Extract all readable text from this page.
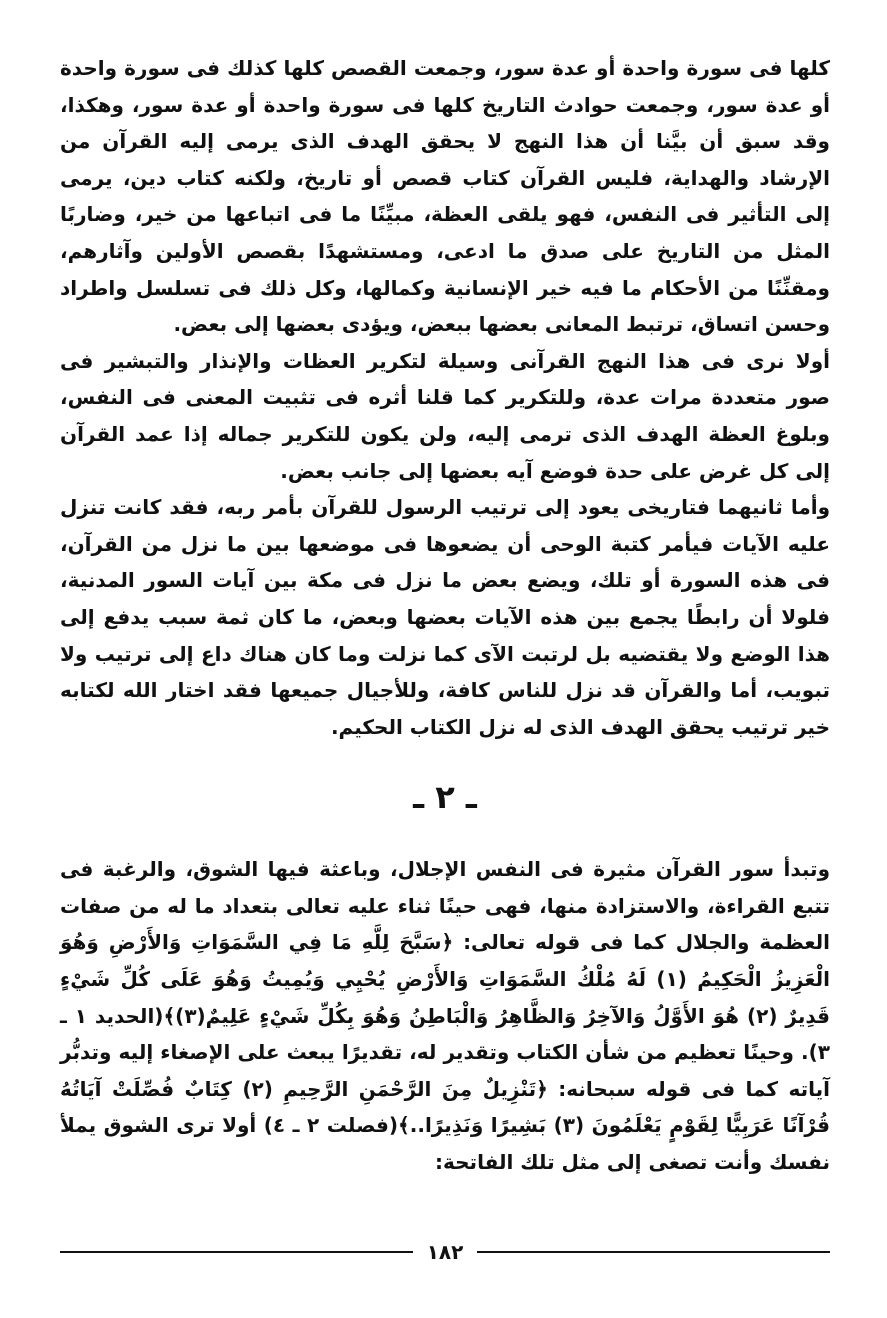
كلها فى سورة واحدة أو عدة سور، وجمعت القصص كلها كذلك فى سورة واحدة أو عدة سور، وجمعت حوادث التاريخ كلها فى سورة واحدة أو عدة سور، وهكذا، وقد سبق أن بيَّنا أن هذا النهج لا يحقق الهدف الذى يرمى إليه القرآن من الإرشاد والهداية، فليس القرآن كتاب قصص أو تاريخ، ولكنه كتاب دين، يرمى إلى التأثير فى النفس، فهو يلقى العظة، مبيِّنًا ما فى اتباعها من خير، وضاربًا المثل من التاريخ على صدق ما ادعى، ومستشهدًا بقصص الأولين وآثارهم، ومقنِّنًا من الأحكام ما فيه خير الإنسانية وكمالها، وكل ذلك فى تسلسل واطراد وحسن اتساق، ترتبط المعانى بعضها ببعض، ويؤدى بعضها إلى بعض.

أولا نرى فى هذا النهج القرآنى وسيلة لتكرير العظات والإنذار والتبشير فى صور متعددة مرات عدة، وللتكرير كما قلنا أثره فى تثبيت المعنى فى النفس، وبلوغ العظة الهدف الذى ترمى إليه، ولن يكون للتكرير جماله إذا عمد القرآن إلى كل غرض على حدة فوضع آيه بعضها إلى جانب بعض.

وأما ثانيهما فتاريخى يعود إلى ترتيب الرسول للقرآن بأمر ربه، فقد كانت تنزل عليه الآيات فيأمر كتبة الوحى أن يضعوها فى موضعها بين ما نزل من القرآن، فى هذه السورة أو تلك، ويضع بعض ما نزل فى مكة بين آيات السور المدنية، فلولا أن رابطًا يجمع بين هذه الآيات بعضها وبعض، ما كان ثمة سبب يدفع إلى هذا الوضع ولا يقتضيه بل لرتبت الآى كما نزلت وما كان هناك داع إلى ترتيب ولا تبويب، أما والقرآن قد نزل للناس كافة، وللأجيال جميعها فقد اختار الله لكتابه خير ترتيب يحقق الهدف الذى له نزل الكتاب الحكيم.

ـ ٢ ـ

وتبدأ سور القرآن مثيرة فى النفس الإجلال، وباعثة فيها الشوق، والرغبة فى تتبع القراءة، والاستزادة منها، فهى حينًا ثناء عليه تعالى بتعداد ما له من صفات العظمة والجلال كما فى قوله تعالى: ﴿سَبَّحَ لِلَّهِ مَا فِي السَّمَوَاتِ وَالأَرْضِ وَهُوَ الْعَزِيزُ الْحَكِيمُ (١) لَهُ مُلْكُ السَّمَوَاتِ وَالأَرْضِ يُحْيِي وَيُمِيتُ وَهُوَ عَلَى كُلِّ شَيْءٍ قَدِيرٌ (٢) هُوَ الأَوَّلُ وَالآخِرُ وَالظَّاهِرُ وَالْبَاطِنُ وَهُوَ بِكُلِّ شَيْءٍ عَلِيمٌ(٣)﴾(الحديد ١ ـ ٣). وحينًا تعظيم من شأن الكتاب وتقدير له، تقديرًا يبعث على الإصغاء إليه وتدبُّر آياته كما فى قوله سبحانه: ﴿تَنْزِيلٌ مِنَ الرَّحْمَنِ الرَّحِيمِ (٢) كِتَابٌ فُصِّلَتْ آيَاتُهُ قُرْآنًا عَرَبِيًّا لِقَوْمٍ يَعْلَمُونَ (٣) بَشِيرًا وَنَذِيرًا..﴾(فصلت ٢ ـ ٤) أولا ترى الشوق يملأ نفسك وأنت تصغى إلى مثل تلك الفاتحة:

١٨٢
